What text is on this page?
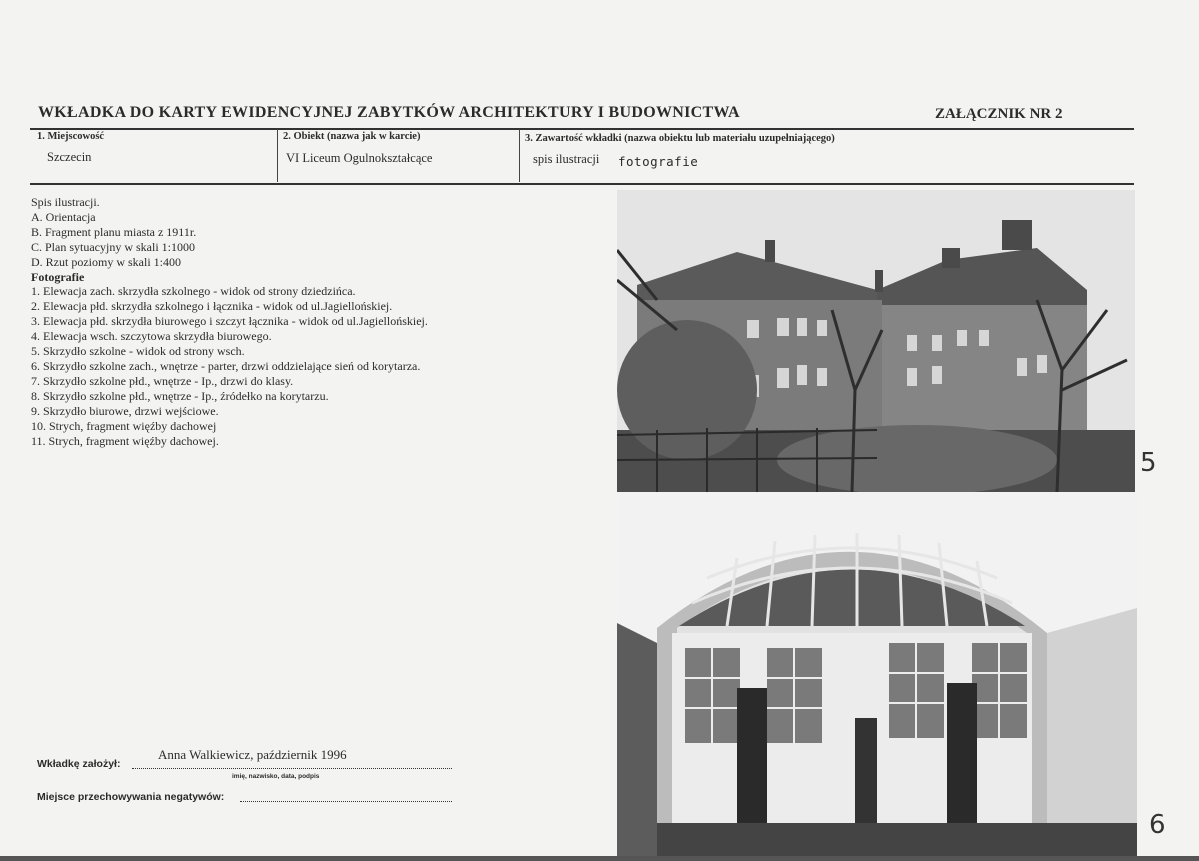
WKŁADKA DO KARTY EWIDENCYJNEJ ZABYTKÓW ARCHITEKTURY I BUDOWNICTWA	ZAŁĄCZNIK NR 2
1. Miejscowość
Szczecin
2. Obiekt (nazwa jak w karcie)
VI Liceum Ogulnokształcące
3. Zawartość wkładki (nazwa obiektu lub materiału uzupełniającego)
spis ilustracji fotografie
Spis ilustracji.
A. Orientacja
B. Fragment planu miasta z 1911r.
C. Plan sytuacyjny w skali 1:1000
D. Rzut poziomy w skali 1:400
Fotografie
1. Elewacja zach. skrzydła szkolnego - widok od strony dziedzińca.
2. Elewacja płd. skrzydła szkolnego i łącznika - widok od ul.Jagiellońskiej.
3. Elewacja płd. skrzydła biurowego i szczyt łącznika - widok od ul.Jagiellońskiej.
4. Elewacja wsch. szczytowa skrzydła biurowego.
5. Skrzydło szkolne - widok od strony wsch.
6. Skrzydło szkolne zach., wnętrze - parter, drzwi oddzielające sień od korytarza.
7. Skrzydło szkolne płd., wnętrze - Ip., drzwi do klasy.
8. Skrzydło szkolne płd., wnętrze - Ip., źródełko na korytarzu.
9. Skrzydło biurowe, drzwi wejściowe.
10. Strych, fragment więźby dachowej
11. Strych, fragment więźby dachowej.
5
6
Wkładkę założył:
Anna Walkiewicz, październik 1996
imię, nazwisko, data, podpis
Miejsce przechowywania negatywów:
